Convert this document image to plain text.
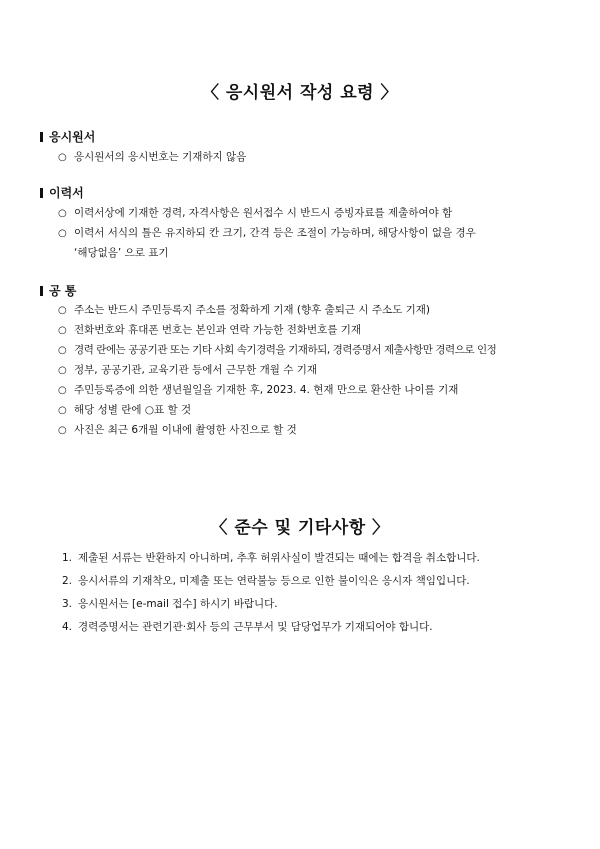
〈 응시원서 작성 요령 〉
응시원서
○ 응시원서의 응시번호는 기재하지 않음
이력서
○ 이력서상에 기재한 경력, 자격사항은 원서접수 시 반드시 증빙자료를 제출하여야 함
○ 이력서 서식의 틀은 유지하되 칸 크기, 간격 등은 조절이 가능하며, 해당사항이 없을 경우
‘해당없음’ 으로 표기
공 통
○ 주소는 반드시 주민등록지 주소를 정확하게 기재 (향후 출퇴근 시 주소도 기재)
○ 전화번호와 휴대폰 번호는 본인과 연락 가능한 전화번호를 기재
○ 경력 란에는 공공기관 또는 기타 사회 속기경력을 기재하되, 경력증명서 제출사항만 경력으로 인정
○ 정부, 공공기관, 교육기관 등에서 근무한 개월 수 기재
○ 주민등록증에 의한 생년월일을 기재한 후, 2023. 4. 현재 만으로 환산한 나이를 기재
○ 해당 성별 란에 ○표 할 것
○ 사진은 최근 6개월 이내에 촬영한 사진으로 할 것
〈 준수 및 기타사항 〉
1. 제출된 서류는 반환하지 아니하며, 추후 허위사실이 발견되는 때에는 합격을 취소합니다.
2. 응시서류의 기재착오, 미제출 또는 연락불능 등으로 인한 불이익은 응시자 책임입니다.
3. 응시원서는 [e-mail 접수] 하시기 바랍니다.
4. 경력증명서는 관련기관·회사 등의 근무부서 및 담당업무가 기재되어야 합니다.
